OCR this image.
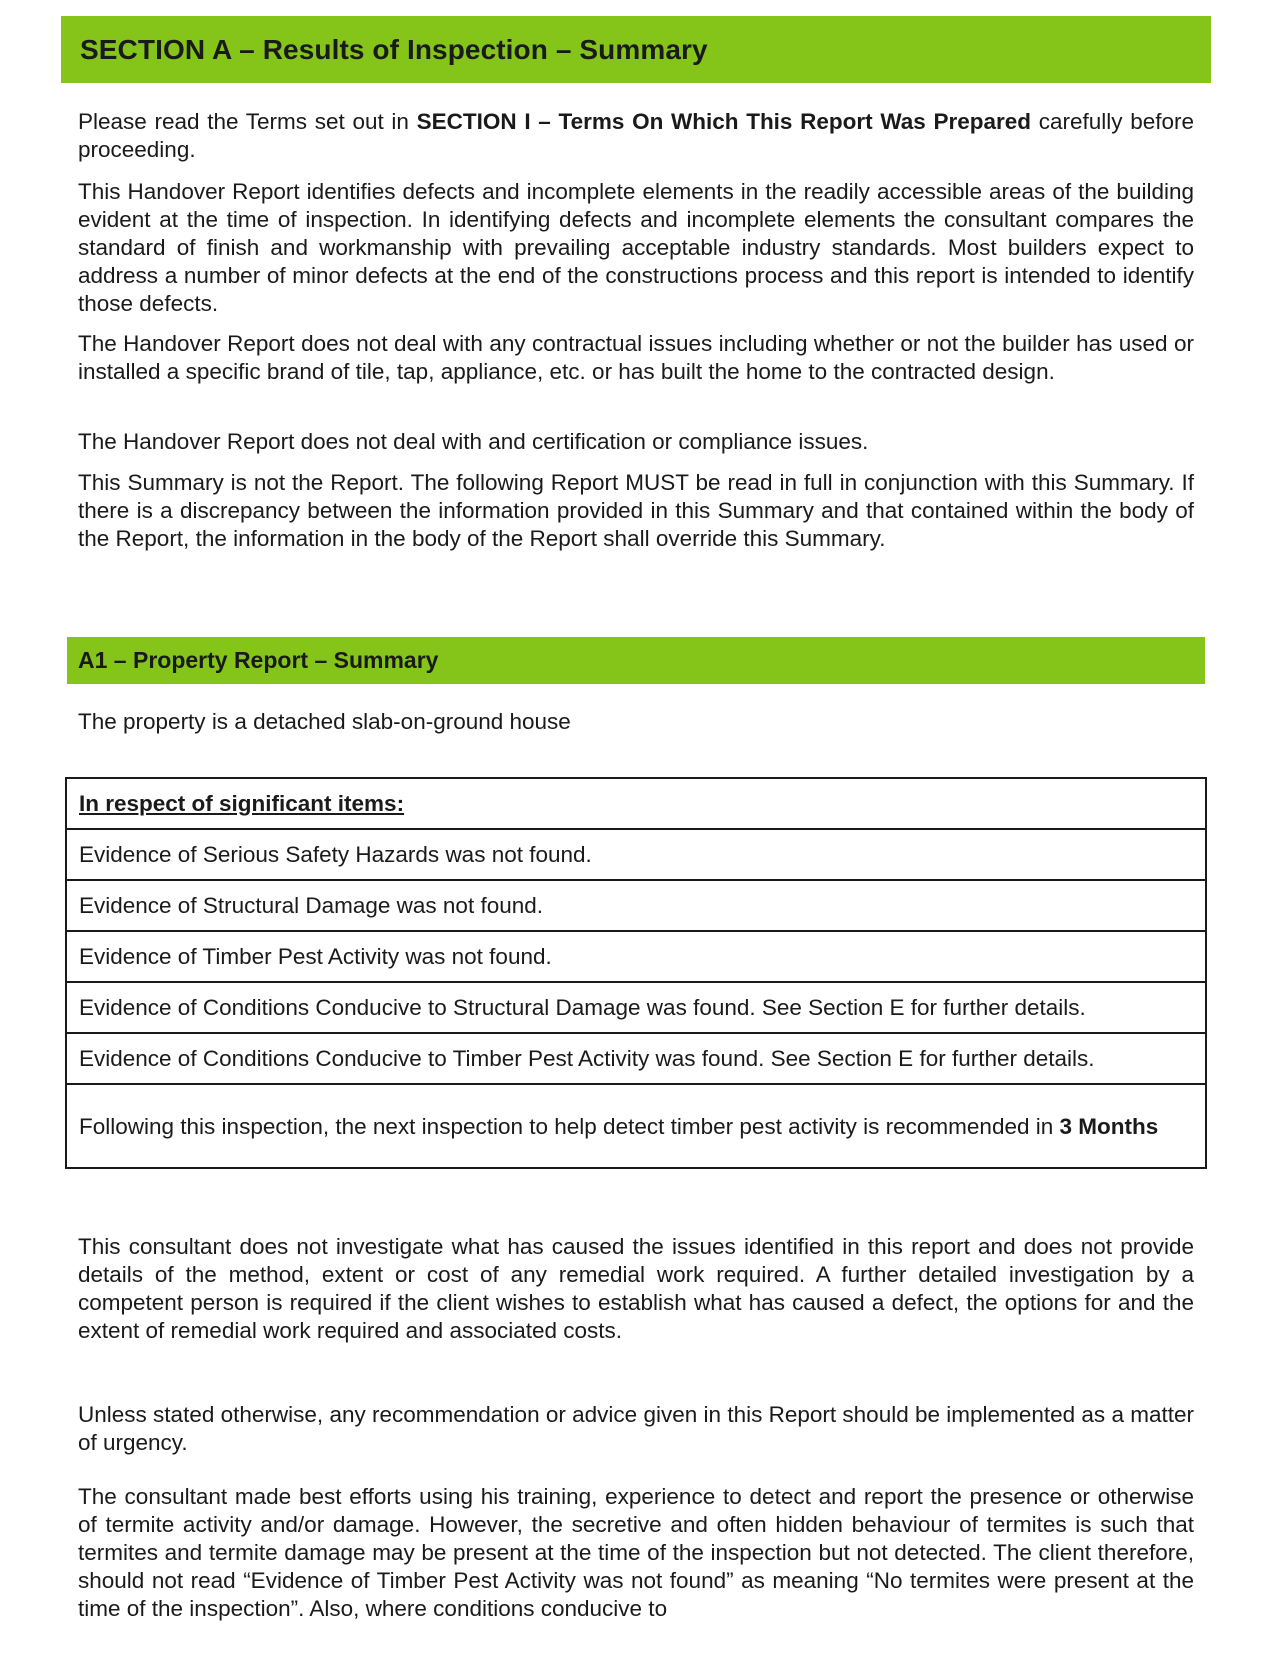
SECTION A – Results of Inspection – Summary

Please read the Terms set out in SECTION I – Terms On Which This Report Was Prepared carefully before proceeding.

This Handover Report identifies defects and incomplete elements in the readily accessible areas of the building evident at the time of inspection. In identifying defects and incomplete elements the consultant compares the standard of finish and workmanship with prevailing acceptable industry standards. Most builders expect to address a number of minor defects at the end of the constructions process and this report is intended to identify those defects.

The Handover Report does not deal with any contractual issues including whether or not the builder has used or installed a specific brand of tile, tap, appliance, etc. or has built the home to the contracted design.

The Handover Report does not deal with and certification or compliance issues.

This Summary is not the Report. The following Report MUST be read in full in conjunction with this Summary. If there is a discrepancy between the information provided in this Summary and that contained within the body of the Report, the information in the body of the Report shall override this Summary.

A1 – Property Report – Summary

The property is a detached slab-on-ground house

In respect of significant items:
Evidence of Serious Safety Hazards was not found.
Evidence of Structural Damage was not found.
Evidence of Timber Pest Activity was not found.
Evidence of Conditions Conducive to Structural Damage was found. See Section E for further details.
Evidence of Conditions Conducive to Timber Pest Activity was found. See Section E for further details.
Following this inspection, the next inspection to help detect timber pest activity is recommended in 3 Months

This consultant does not investigate what has caused the issues identified in this report and does not provide details of the method, extent or cost of any remedial work required. A further detailed investigation by a competent person is required if the client wishes to establish what has caused a defect, the options for and the extent of remedial work required and associated costs.

Unless stated otherwise, any recommendation or advice given in this Report should be implemented as a matter of urgency.

The consultant made best efforts using his training, experience to detect and report the presence or otherwise of termite activity and/or damage. However, the secretive and often hidden behaviour of termites is such that termites and termite damage may be present at the time of the inspection but not detected. The client therefore, should not read “Evidence of Timber Pest Activity was not found” as meaning “No termites were present at the time of the inspection”. Also, where conditions conducive to
